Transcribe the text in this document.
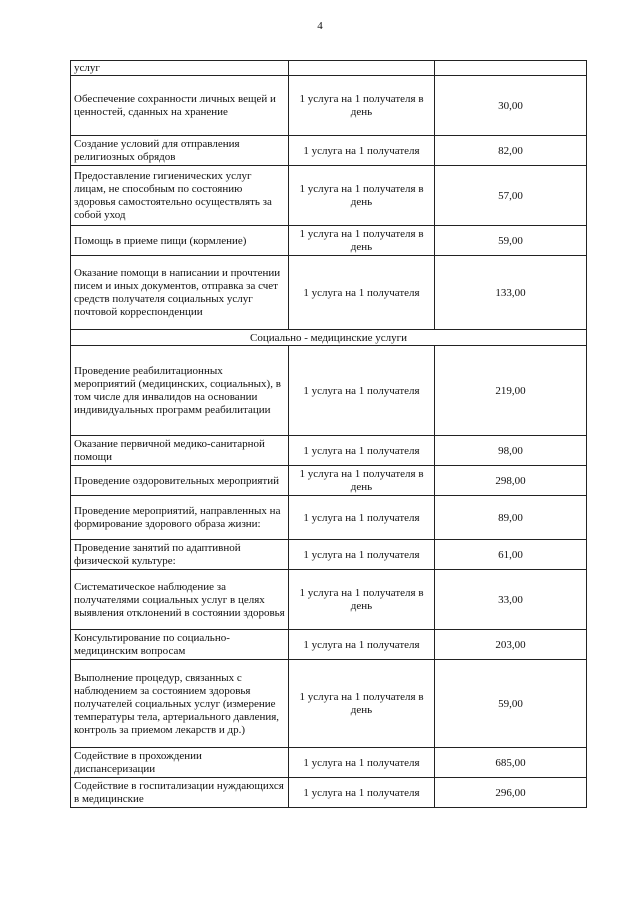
4
услуг		
Обеспечение сохранности личных вещей и ценностей, сданных на хранение	1 услуга на 1 получателя в день	30,00
Создание условий для отправления религиозных обрядов	1 услуга на 1 получателя	82,00
Предоставление гигиенических услуг лицам, не способным по состоянию здоровья самостоятельно осуществлять за собой уход	1 услуга на 1 получателя в день	57,00
Помощь в приеме пищи (кормление)	1 услуга на 1 получателя в день	59,00
Оказание помощи в написании и прочтении писем и иных документов, отправка за счет средств получателя социальных услуг почтовой корреспонденции	1 услуга на 1 получателя	133,00
Социально - медицинские услуги		
Проведение реабилитационных мероприятий (медицинских, социальных), в том числе для инвалидов на основании индивидуальных программ реабилитации	1 услуга на 1 получателя	219,00
Оказание первичной медико-санитарной помощи	1 услуга на 1 получателя	98,00
Проведение оздоровительных мероприятий	1 услуга на 1 получателя в день	298,00
Проведение мероприятий, направленных на формирование здорового образа жизни:	1 услуга на 1 получателя	89,00
Проведение занятий по адаптивной физической культуре:	1 услуга на 1 получателя	61,00
Систематическое наблюдение за получателями социальных услуг в целях выявления отклонений в состоянии здоровья	1 услуга на 1 получателя в день	33,00
Консультирование по социально-медицинским вопросам	1 услуга на 1 получателя	203,00
Выполнение процедур, связанных с наблюдением за состоянием здоровья получателей социальных услуг (измерение температуры тела, артериального давления, контроль за приемом лекарств и др.)	1 услуга на 1 получателя в день	59,00
Содействие в прохождении диспансеризации	1 услуга на 1 получателя	685,00
Содействие в госпитализации нуждающихся в медицинские	1 услуга на 1 получателя	296,00
